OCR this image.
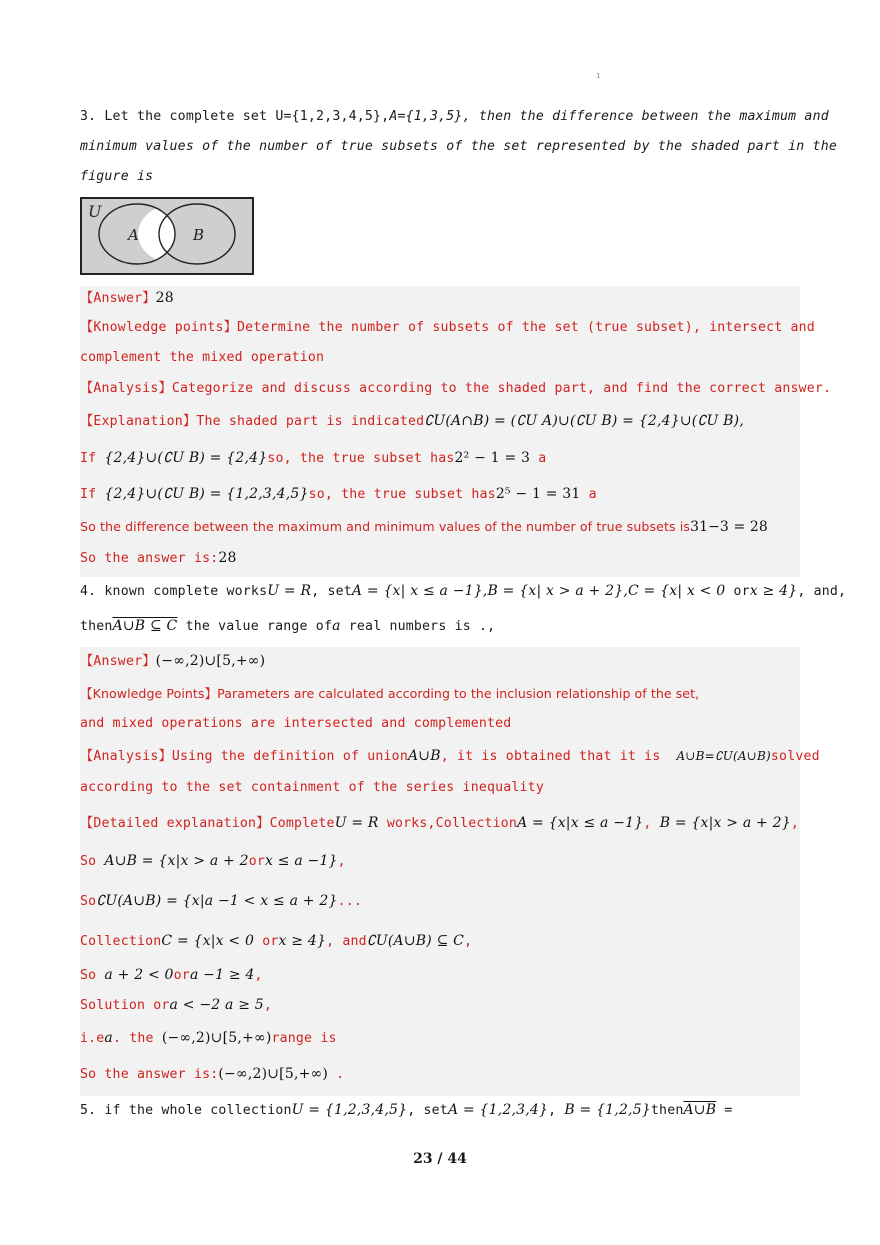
1
3. Let the complete set U={1,2,3,4,5},A={1,3,5}, then the difference between the maximum and
minimum values of the number of true subsets of the set represented by the shaded part in the
figure is
U
A	B
【Answer】28
【Knowledge points】Determine the number of subsets of the set (true subset), intersect and
complement the mixed operation
【Analysis】Categorize and discuss according to the shaded part, and find the correct answer.
【Explanation】The shaded part is indicated∁U(A∩B) = (∁U A)∪(∁U B) = {2,4}∪(∁U B),
If {2,4}∪(∁U B) = {2,4}so, the true subset has2² − 1 = 3 a
If {2,4}∪(∁U B) = {1,2,3,4,5}so, the true subset has2⁵ − 1 = 31 a
So the difference between the maximum and minimum values of the number of true subsets is31−3 = 28
So the answer is:28
4. known complete worksU = R, setA = {x| x ≤ a −1},B = {x| x > a + 2},C = {x| x < 0 orx ≥ 4}, and,
thenA∪B ⊆ C the value range ofa real numbers is .,
【Answer】(−∞,2)∪[5,+∞)
【Knowledge Points】Parameters are calculated according to the inclusion relationship of the set,
and mixed operations are intersected and complemented
【Analysis】Using the definition of unionA∪B, it is obtained that it is A∪B=∁U(A∪B)solved
according to the set containment of the series inequality
【Detailed explanation】CompleteU = R works,CollectionA = {x|x ≤ a −1}, B = {x|x > a + 2},
So A∪B = {x|x > a + 2orx ≤ a −1},
So∁U(A∪B) = {x|a −1 < x ≤ a + 2}...
CollectionC = {x|x < 0 orx ≥ 4}, and∁U(A∪B) ⊆ C,
So a + 2 < 0ora −1 ≥ 4,
Solution ora < −2 a ≥ 5,
i.ea. the (−∞,2)∪[5,+∞)range is
So the answer is:(−∞,2)∪[5,+∞) .
5. if the whole collectionU = {1,2,3,4,5}, setA = {1,2,3,4}, B = {1,2,5}thenA∪B =
23 / 44
